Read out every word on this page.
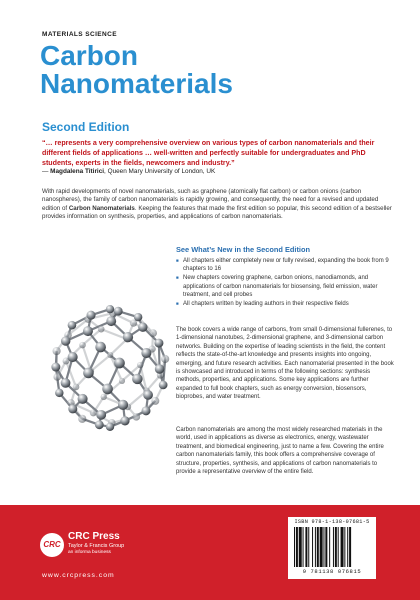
MATERIALS SCIENCE
Carbon
Nanomaterials
Second Edition

“… represents a very comprehensive overview on various types of carbon nanomaterials and their different fields of applications … well-written and perfectly suitable for undergraduates and PhD students, experts in the fields, newcomers and industry.”

— Magdalena Titirici, Queen Mary University of London, UK

With rapid developments of novel nanomaterials, such as graphene (atomically flat carbon) or carbon onions (carbon nanospheres), the family of carbon nanomaterials is rapidly growing, and consequently, the need for a revised and updated edition of Carbon Nanomaterials. Keeping the features that made the first edition so popular, this second edition of a bestseller provides information on synthesis, properties, and applications of carbon nanomaterials.

See What’s New in the Second Edition
■ All chapters either completely new or fully revised, expanding the book from 9 chapters to 16
■ New chapters covering graphene, carbon onions, nanodiamonds, and applications of carbon nanomaterials for biosensing, field emission, water treatment, and cell probes
■ All chapters written by leading authors in their respective fields

The book covers a wide range of carbons, from small 0-dimensional fullerenes, to 1-dimensional nanotubes, 2-dimensional graphene, and 3-dimensional carbon networks. Building on the expertise of leading scientists in the field, the content reflects the state-of-the-art knowledge and presents insights into ongoing, emerging, and future research activities. Each nanomaterial presented in the book is showcased and introduced in terms of the following sections: synthesis methods, properties, and applications. Some key applications are further expanded to full book chapters, such as energy conversion, biosensors, bioprobes, and water treatment.

Carbon nanomaterials are among the most widely researched materials in the world, used in applications as diverse as electronics, energy, wastewater treatment, and biomedical engineering, just to name a few. Covering the entire carbon nanomaterials family, this book offers a comprehensive coverage of structure, properties, synthesis, and applications of carbon nanomaterials to provide a representative overview of the entire field.

CRC
CRC Press
Taylor & Francis Group
an informa business
www.crcpress.com
ISBN 978-1-138-07681-5
9 781138 076815
